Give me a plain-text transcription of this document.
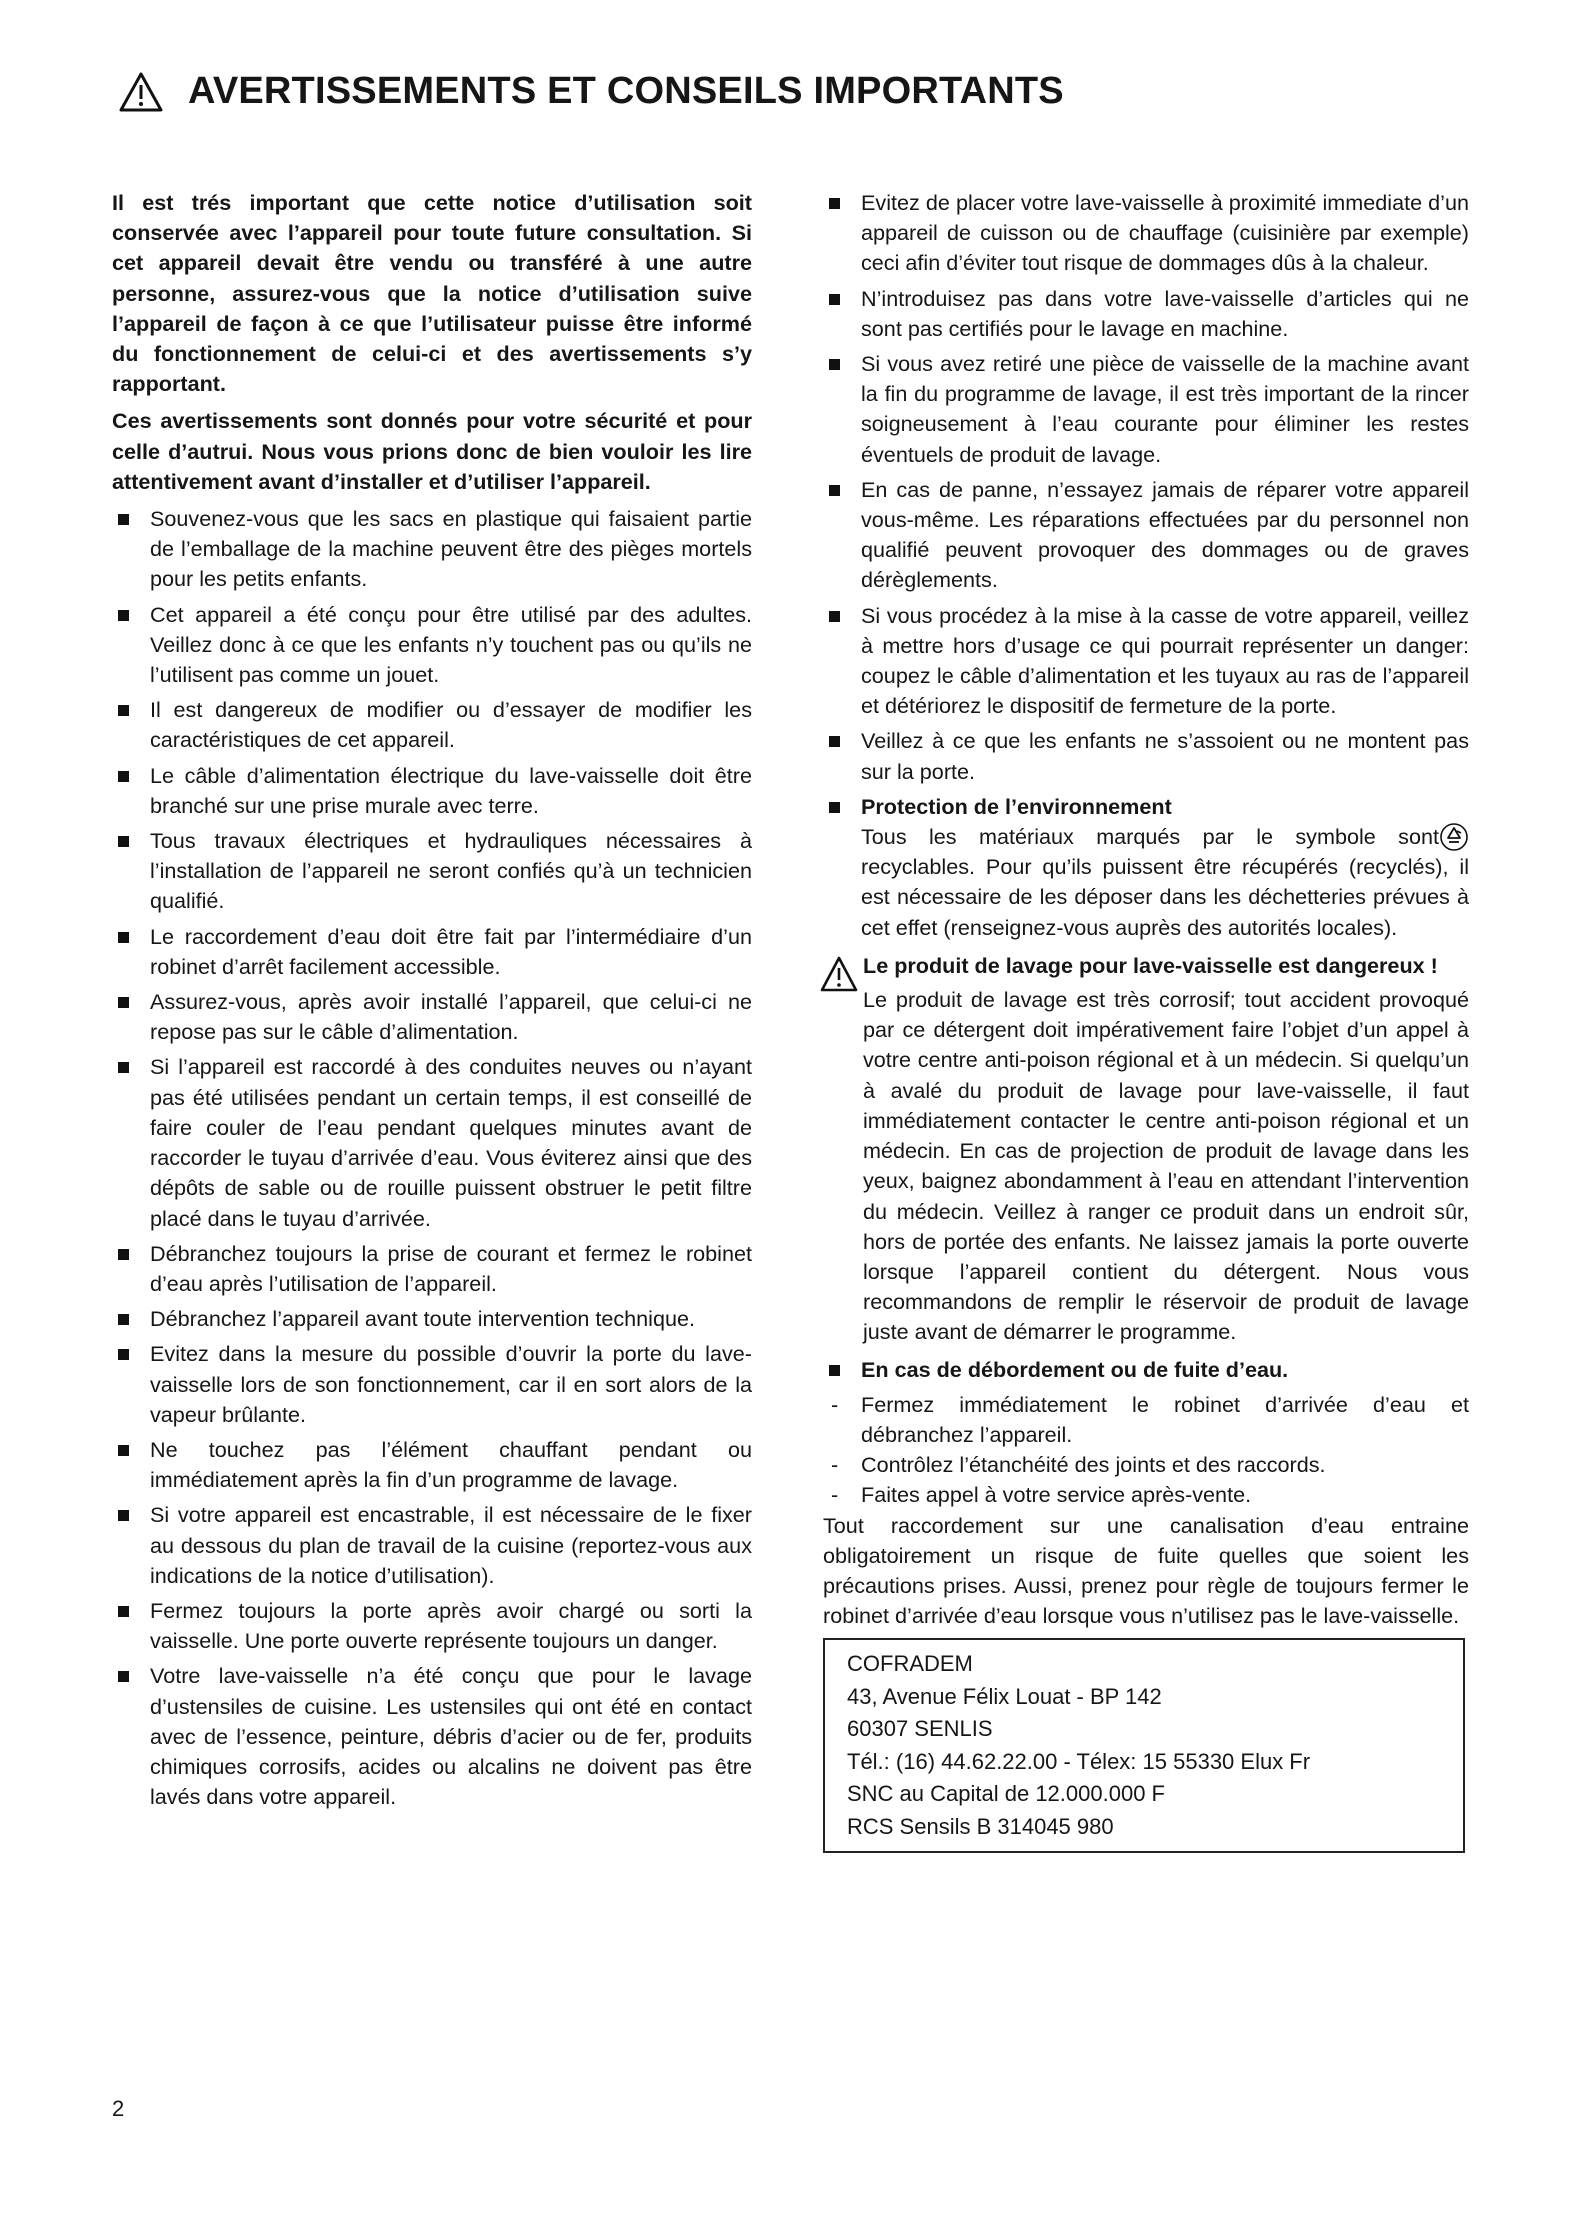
AVERTISSEMENTS ET CONSEILS IMPORTANTS

Il est trés important que cette notice d’utilisation soit conservée avec l’appareil pour toute future consultation. Si cet appareil devait être vendu ou transféré à une autre personne, assurez-vous que la notice d’utilisation suive l’appareil de façon à ce que l’utilisateur puisse être informé du fonctionnement de celui-ci et des avertissements s’y rapportant.

Ces avertissements sont donnés pour votre sécurité et pour celle d’autrui. Nous vous prions donc de bien vouloir les lire attentivement avant d’installer et d’utiliser l’appareil.

Souvenez-vous que les sacs en plastique qui faisaient partie de l’emballage de la machine peuvent être des pièges mortels pour les petits enfants.
Cet appareil a été conçu pour être utilisé par des adultes. Veillez donc à ce que les enfants n’y touchent pas ou qu’ils ne l’utilisent pas comme un jouet.
Il est dangereux de modifier ou d’essayer de modifier les caractéristiques de cet appareil.
Le câble d’alimentation électrique du lave-vaisselle doit être branché sur une prise murale avec terre.
Tous travaux électriques et hydrauliques nécessaires à l’installation de l’appareil ne seront confiés qu’à un technicien qualifié.
Le raccordement d’eau doit être fait par l’intermédiaire d’un robinet d’arrêt facilement accessible.
Assurez-vous, après avoir installé l’appareil, que celui-ci ne repose pas sur le câble d’alimentation.
Si l’appareil est raccordé à des conduites neuves ou n’ayant pas été utilisées pendant un certain temps, il est conseillé de faire couler de l’eau pendant quelques minutes avant de raccorder le tuyau d’arrivée d’eau. Vous éviterez ainsi que des dépôts de sable ou de rouille puissent obstruer le petit filtre placé dans le tuyau d’arrivée.
Débranchez toujours la prise de courant et fermez le robinet d’eau après l’utilisation de l’appareil.
Débranchez l’appareil avant toute intervention technique.
Evitez dans la mesure du possible d’ouvrir la porte du lave-vaisselle lors de son fonctionnement, car il en sort alors de la vapeur brûlante.
Ne touchez pas l’élément chauffant pendant ou immédiatement après la fin d’un programme de lavage.
Si votre appareil est encastrable, il est nécessaire de le fixer au dessous du plan de travail de la cuisine (reportez-vous aux indications de la notice d’utilisation).
Fermez toujours la porte après avoir chargé ou sorti la vaisselle. Une porte ouverte représente toujours un danger.
Votre lave-vaisselle n’a été conçu que pour le lavage d’ustensiles de cuisine. Les ustensiles qui ont été en contact avec de l’essence, peinture, débris d’acier ou de fer, produits chimiques corrosifs, acides ou alcalins ne doivent pas être lavés dans votre appareil.
Evitez de placer votre lave-vaisselle à proximité immediate d’un appareil de cuisson ou de chauffage (cuisinière par exemple) ceci afin d’éviter tout risque de dommages dûs à la chaleur.
N’introduisez pas dans votre lave-vaisselle d’articles qui ne sont pas certifiés pour le lavage en machine.
Si vous avez retiré une pièce de vaisselle de la machine avant la fin du programme de lavage, il est très important de la rincer soigneusement à l’eau courante pour éliminer les restes éventuels de produit de lavage.
En cas de panne, n’essayez jamais de réparer votre appareil vous-même. Les réparations effectuées par du personnel non qualifié peuvent provoquer des dommages ou de graves dérèglements.
Si vous procédez à la mise à la casse de votre appareil, veillez à mettre hors d’usage ce qui pourrait représenter un danger: coupez le câble d’alimentation et les tuyaux au ras de l’appareil et détériorez le dispositif de fermeture de la porte.
Veillez à ce que les enfants ne s’assoient ou ne montent pas sur la porte.
Protection de l’environnement
Tous les matériaux marqués par le symbole sont recyclables. Pour qu’ils puissent être récupérés (recyclés), il est nécessaire de les déposer dans les déchetteries prévues à cet effet (renseignez-vous auprès des autorités locales).
Le produit de lavage pour lave-vaisselle est dangereux !

Le produit de lavage est très corrosif; tout accident provoqué par ce détergent doit impérativement faire l’objet d’un appel à votre centre anti-poison régional et à un médecin. Si quelqu’un à avalé du produit de lavage pour lave-vaisselle, il faut immédiatement contacter le centre anti-poison régional et un médecin. En cas de projection de produit de lavage dans les yeux, baignez abondamment à l’eau en attendant l’intervention du médecin. Veillez à ranger ce produit dans un endroit sûr, hors de portée des enfants. Ne laissez jamais la porte ouverte lorsque l’appareil contient du détergent. Nous vous recommandons de remplir le réservoir de produit de lavage juste avant de démarrer le programme.

En cas de débordement ou de fuite d’eau.
- Fermez immédiatement le robinet d’arrivée d’eau et débranchez l’appareil.
- Contrôlez l’étanchéité des joints et des raccords.
- Faites appel à votre service après-vente.

Tout raccordement sur une canalisation d’eau entraine obligatoirement un risque de fuite quelles que soient les précautions prises. Aussi, prenez pour règle de toujours fermer le robinet d’arrivée d’eau lorsque vous n’utilisez pas le lave-vaisselle.

COFRADEM
43, Avenue Félix Louat - BP 142
60307 SENLIS
Tél.: (16) 44.62.22.00 - Télex: 15 55330 Elux Fr
SNC au Capital de 12.000.000 F
RCS Sensils B 314045 980
2
